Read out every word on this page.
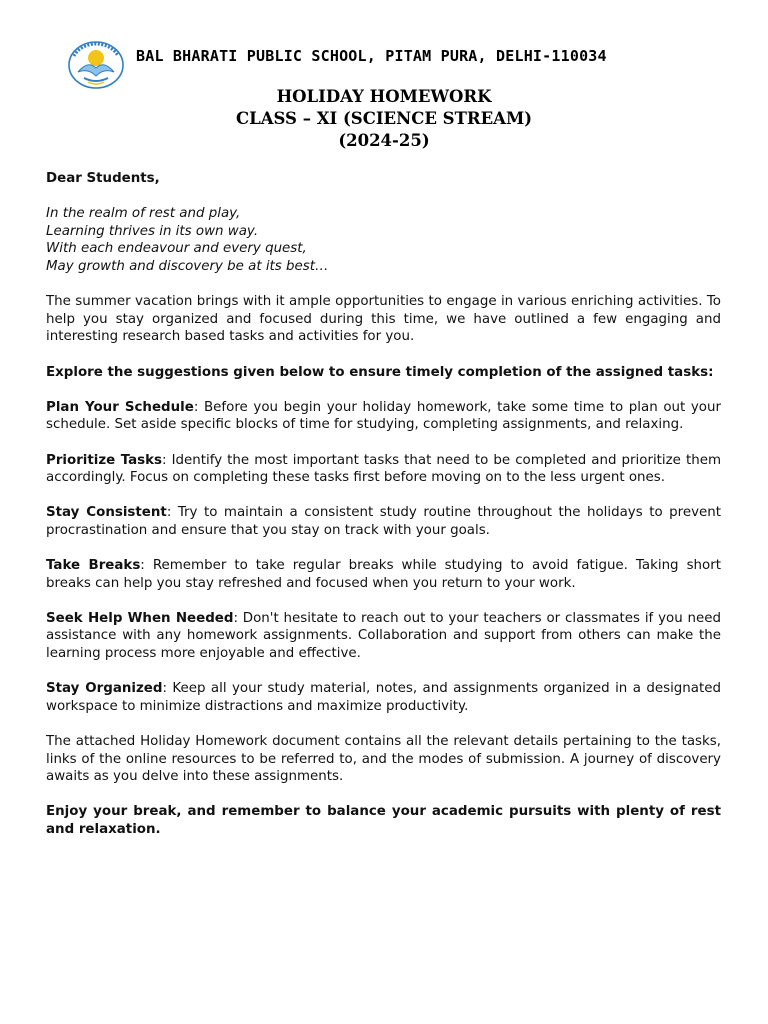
BAL BHARATI PUBLIC SCHOOL, PITAM PURA, DELHI-110034
HOLIDAY HOMEWORK
CLASS – XI (SCIENCE STREAM)
(2024-25)

Dear Students,

In the realm of rest and play,
Learning thrives in its own way.
With each endeavour and every quest,
May growth and discovery be at its best…

The summer vacation brings with it ample opportunities to engage in various enriching activities. To help you stay organized and focused during this time, we have outlined a few engaging and interesting research based tasks and activities for you.

Explore the suggestions given below to ensure timely completion of the assigned tasks:

Plan Your Schedule: Before you begin your holiday homework, take some time to plan out your schedule. Set aside specific blocks of time for studying, completing assignments, and relaxing.

Prioritize Tasks: Identify the most important tasks that need to be completed and prioritize them accordingly. Focus on completing these tasks first before moving on to the less urgent ones.

Stay Consistent: Try to maintain a consistent study routine throughout the holidays to prevent procrastination and ensure that you stay on track with your goals.

Take Breaks: Remember to take regular breaks while studying to avoid fatigue. Taking short breaks can help you stay refreshed and focused when you return to your work.

Seek Help When Needed: Don't hesitate to reach out to your teachers or classmates if you need assistance with any homework assignments. Collaboration and support from others can make the learning process more enjoyable and effective.

Stay Organized: Keep all your study material, notes, and assignments organized in a designated workspace to minimize distractions and maximize productivity.

The attached Holiday Homework document contains all the relevant details pertaining to the tasks, links of the online resources to be referred to, and the modes of submission. A journey of discovery awaits as you delve into these assignments.

Enjoy your break, and remember to balance your academic pursuits with plenty of rest and relaxation.
